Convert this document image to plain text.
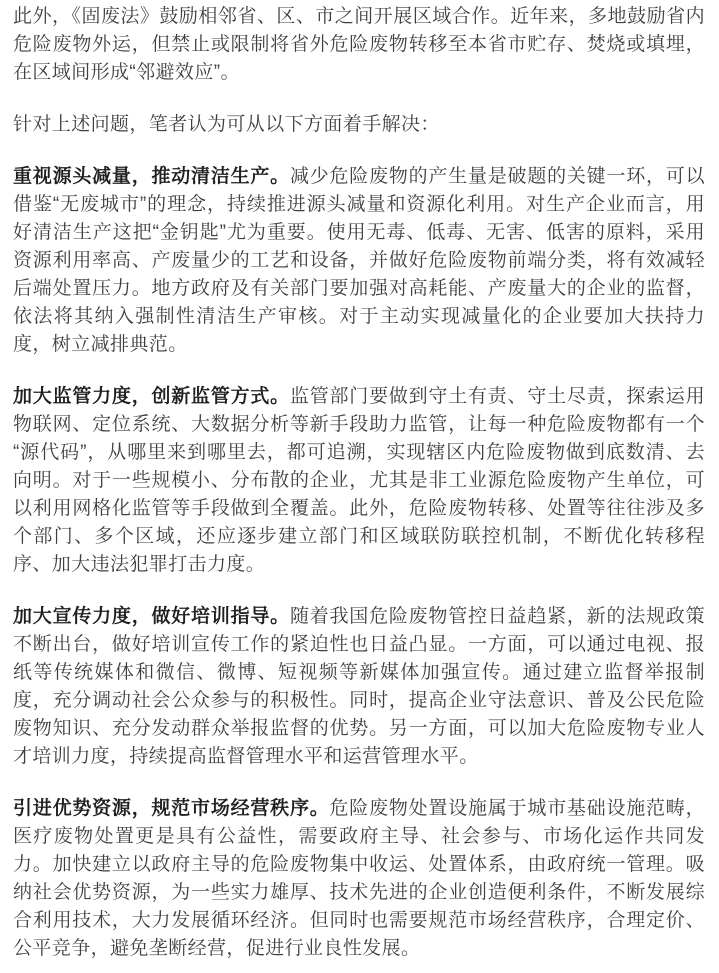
此外，《固废法》鼓励相邻省、区、市之间开展区域合作。近年来，多地鼓励省内危险废物外运，但禁止或限制将省外危险废物转移至本省市贮存、焚烧或填埋，在区域间形成“邻避效应”。

针对上述问题，笔者认为可从以下方面着手解决：

重视源头减量，推动清洁生产。减少危险废物的产生量是破题的关键一环，可以借鉴“无废城市”的理念，持续推进源头减量和资源化利用。对生产企业而言，用好清洁生产这把“金钥匙”尤为重要。使用无毒、低毒、无害、低害的原料，采用资源利用率高、产废量少的工艺和设备，并做好危险废物前端分类，将有效减轻后端处置压力。地方政府及有关部门要加强对高耗能、产废量大的企业的监督，依法将其纳入强制性清洁生产审核。对于主动实现减量化的企业要加大扶持力度，树立减排典范。

加大监管力度，创新监管方式。监管部门要做到守土有责、守土尽责，探索运用物联网、定位系统、大数据分析等新手段助力监管，让每一种危险废物都有一个“源代码”，从哪里来到哪里去，都可追溯，实现辖区内危险废物做到底数清、去向明。对于一些规模小、分布散的企业，尤其是非工业源危险废物产生单位，可以利用网格化监管等手段做到全覆盖。此外，危险废物转移、处置等往往涉及多个部门、多个区域，还应逐步建立部门和区域联防联控机制，不断优化转移程序、加大违法犯罪打击力度。

加大宣传力度，做好培训指导。随着我国危险废物管控日益趋紧，新的法规政策不断出台，做好培训宣传工作的紧迫性也日益凸显。一方面，可以通过电视、报纸等传统媒体和微信、微博、短视频等新媒体加强宣传。通过建立监督举报制度，充分调动社会公众参与的积极性。同时，提高企业守法意识、普及公民危险废物知识、充分发动群众举报监督的优势。另一方面，可以加大危险废物专业人才培训力度，持续提高监督管理水平和运营管理水平。

引进优势资源，规范市场经营秩序。危险废物处置设施属于城市基础设施范畴，医疗废物处置更是具有公益性，需要政府主导、社会参与、市场化运作共同发力。加快建立以政府主导的危险废物集中收运、处置体系，由政府统一管理。吸纳社会优势资源，为一些实力雄厚、技术先进的企业创造便利条件，不断发展综合利用技术，大力发展循环经济。但同时也需要规范市场经营秩序，合理定价、公平竞争，避免垄断经营，促进行业良性发展。
